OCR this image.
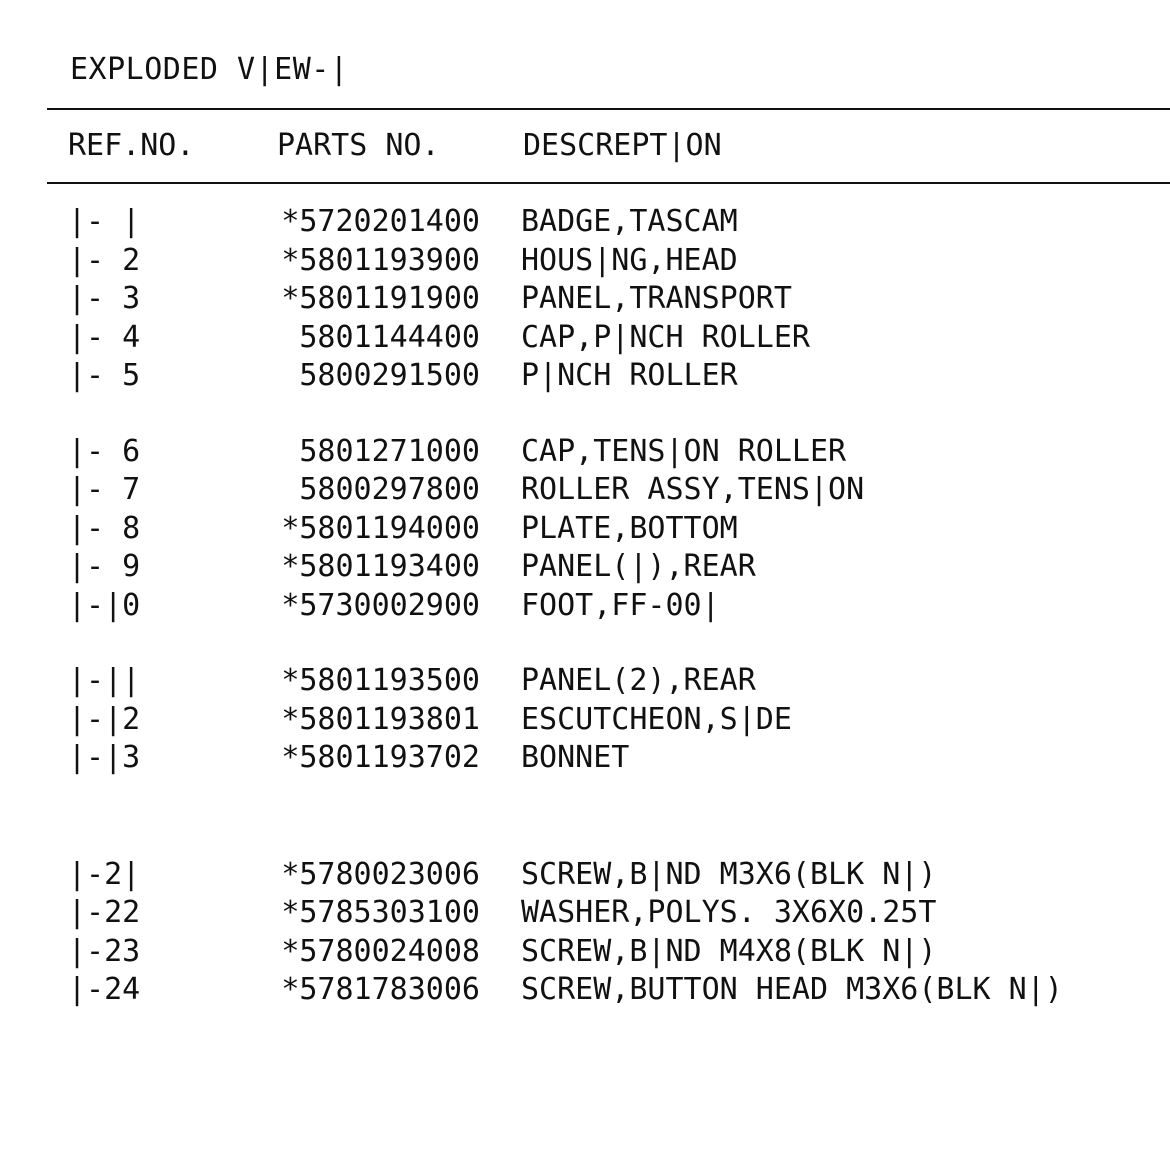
EXPLODED V|EW-|
REF.NO.	PARTS NO.	DESCREPT|ON
|- |	*5720201400 BADGE,TASCAM
|- 2	*5801193900 HOUS|NG,HEAD
|- 3	*5801191900 PANEL,TRANSPORT
|- 4	5801144400 CAP,P|NCH ROLLER
|- 5	5800291500 P|NCH ROLLER
|- 6	5801271000 CAP,TENS|ON ROLLER
|- 7	5800297800 ROLLER ASSY,TENS|ON
|- 8	*5801194000 PLATE,BOTTOM
|- 9	*5801193400 PANEL(|),REAR
|-|0	*5730002900 FOOT,FF-00|
|-||	*5801193500 PANEL(2),REAR
|-|2	*5801193801 ESCUTCHEON,S|DE
|-|3	*5801193702 BONNET
|-2|	*5780023006 SCREW,B|ND M3X6(BLK N|)
|-22	*5785303100 WASHER,POLYS. 3X6X0.25T
|-23	*5780024008 SCREW,B|ND M4X8(BLK N|)
|-24	*5781783006 SCREW,BUTTON HEAD M3X6(BLK N|)
